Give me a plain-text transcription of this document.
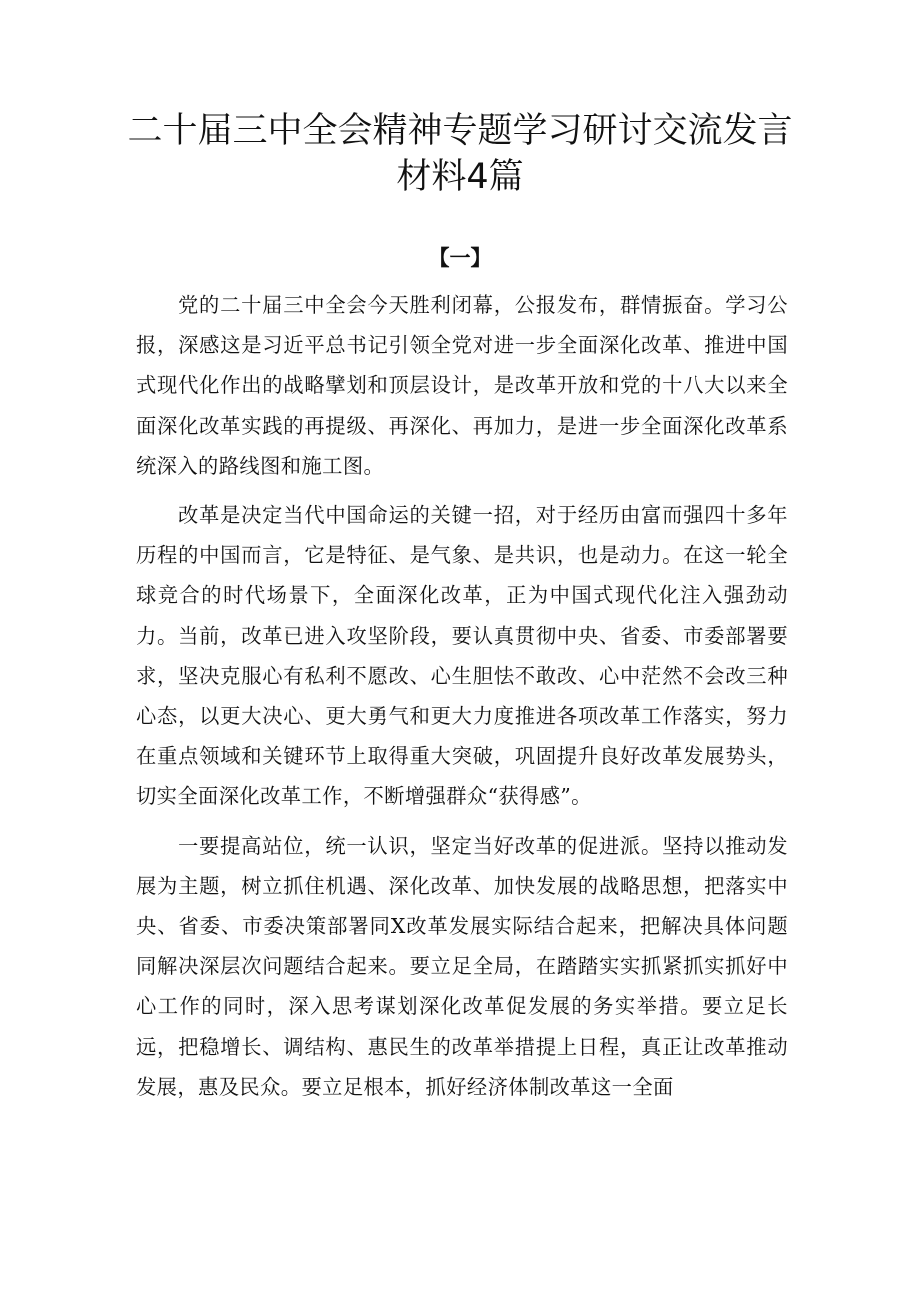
二十届三中全会精神专题学习研讨交流发言材料4篇
【一】

党的二十届三中全会今天胜利闭幕，公报发布，群情振奋。学习公报，深感这是习近平总书记引领全党对进一步全面深化改革、推进中国式现代化作出的战略擘划和顶层设计，是改革开放和党的十八大以来全面深化改革实践的再提级、再深化、再加力，是进一步全面深化改革系统深入的路线图和施工图。

改革是决定当代中国命运的关键一招，对于经历由富而强四十多年历程的中国而言，它是特征、是气象、是共识，也是动力。在这一轮全球竞合的时代场景下，全面深化改革，正为中国式现代化注入强劲动力。当前，改革已进入攻坚阶段，要认真贯彻中央、省委、市委部署要求，坚决克服心有私利不愿改、心生胆怯不敢改、心中茫然不会改三种心态，以更大决心、更大勇气和更大力度推进各项改革工作落实，努力在重点领域和关键环节上取得重大突破，巩固提升良好改革发展势头，切实全面深化改革工作，不断增强群众“获得感”。

一要提高站位，统一认识，坚定当好改革的促进派。坚持以推动发展为主题，树立抓住机遇、深化改革、加快发展的战略思想，把落实中央、省委、市委决策部署同X改革发展实际结合起来，把解决具体问题同解决深层次问题结合起来。要立足全局，在踏踏实实抓紧抓实抓好中心工作的同时，深入思考谋划深化改革促发展的务实举措。要立足长远，把稳增长、调结构、惠民生的改革举措提上日程，真正让改革推动发展，惠及民众。要立足根本，抓好经济体制改革这一全面
